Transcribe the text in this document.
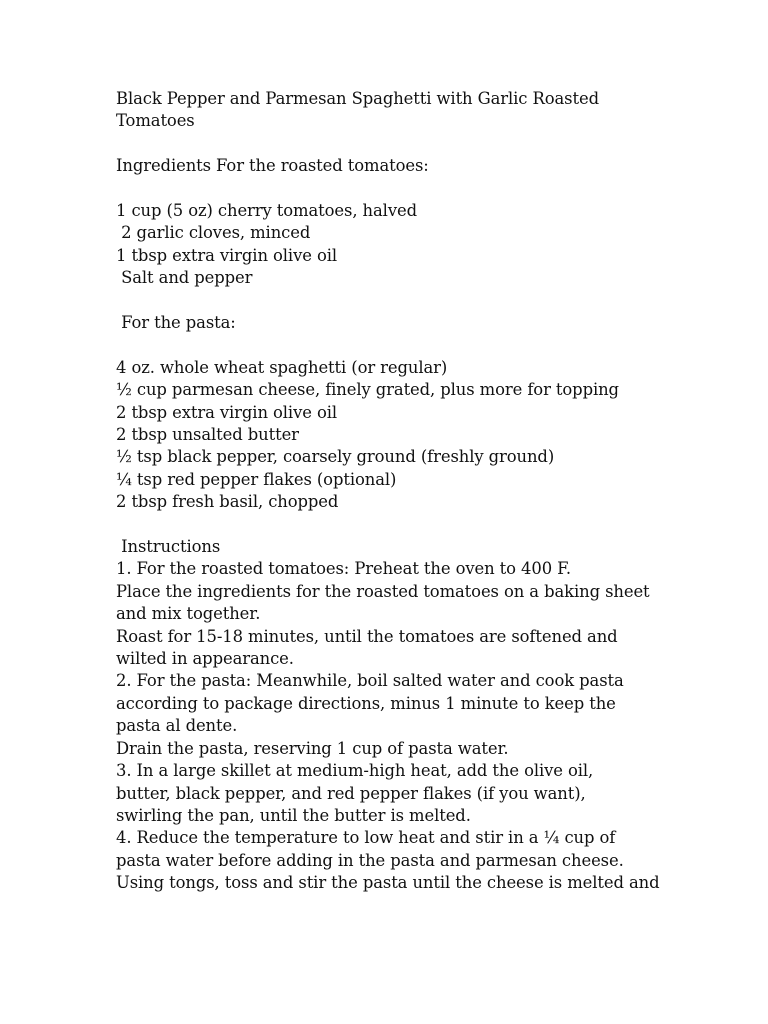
Black Pepper and Parmesan Spaghetti with Garlic Roasted
Tomatoes
Ingredients For the roasted tomatoes:
1 cup (5 oz) cherry tomatoes, halved
2 garlic cloves, minced
1 tbsp extra virgin olive oil
Salt and pepper
For the pasta:
4 oz. whole wheat spaghetti (or regular)
½ cup parmesan cheese, finely grated, plus more for topping
2 tbsp extra virgin olive oil
2 tbsp unsalted butter
½ tsp black pepper, coarsely ground (freshly ground)
¼ tsp red pepper flakes (optional)
2 tbsp fresh basil, chopped
Instructions
1. For the roasted tomatoes: Preheat the oven to 400 F.
Place the ingredients for the roasted tomatoes on a baking sheet
and mix together.
Roast for 15-18 minutes, until the tomatoes are softened and
wilted in appearance.
2. For the pasta: Meanwhile, boil salted water and cook pasta
according to package directions, minus 1 minute to keep the
pasta al dente.
Drain the pasta, reserving 1 cup of pasta water.
3. In a large skillet at medium-high heat, add the olive oil,
butter, black pepper, and red pepper flakes (if you want),
swirling the pan, until the butter is melted.
4. Reduce the temperature to low heat and stir in a ¼ cup of
pasta water before adding in the pasta and parmesan cheese.
Using tongs, toss and stir the pasta until the cheese is melted and
